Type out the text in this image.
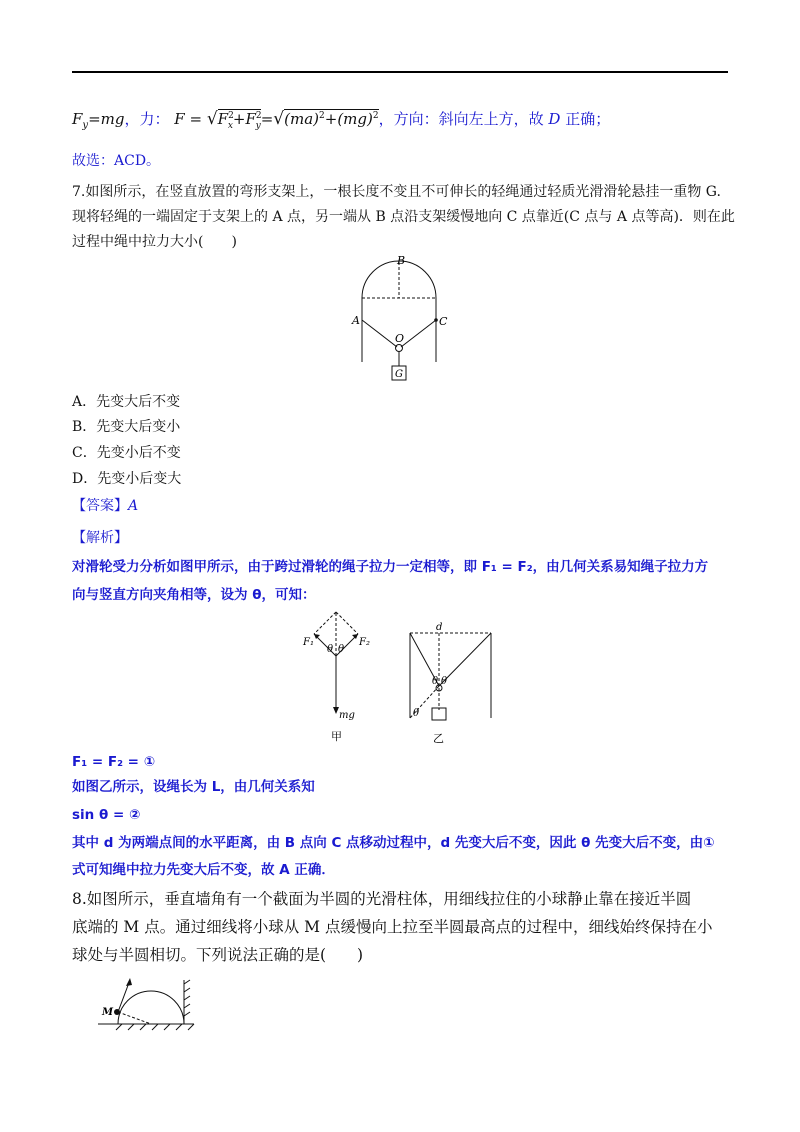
$F_y=mg$，力： $F = √F^2_x+F^2_y=√(ma)^2+(mg)^2$，方向：斜向左上方，故 D 正确；
故选：ACD。
7.如图所示，在竖直放置的弯形支架上，一根长度不变且不可伸长的轻绳通过轻质光滑滑轮悬挂一重物 G.
现将轻绳的一端固定于支架上的 A 点，另一端从 B 点沿支架缓慢地向 C 点靠近(C 点与 A 点等高)．则在此
过程中绳中拉力大小(　　)
B
A	C
O
G
A．先变大后不变
B．先变大后变小
C．先变小后不变
D．先变小后变大
【答案】A
【解析】
对滑轮受力分析如图甲所示，由于跨过滑轮的绳子拉力一定相等，即 F₁ = F₂，由几何关系易知绳子拉力方
向与竖直方向夹角相等，设为 θ，可知：
F₁	F₂
θ θ
mg
甲
d
θ θ
θ
乙
F₁ = F₂ = ①
如图乙所示，设绳长为 L，由几何关系知
sin θ = ②
其中 d 为两端点间的水平距离，由 B 点向 C 点移动过程中，d 先变大后不变，因此 θ 先变大后不变，由①
式可知绳中拉力先变大后不变，故 A 正确．
8.如图所示，垂直墙角有一个截面为半圆的光滑柱体，用细线拉住的小球静止靠在接近半圆
底端的 M 点。通过细线将小球从 M 点缓慢向上拉至半圆最高点的过程中，细线始终保持在小
球处与半圆相切。下列说法正确的是(　　)
M
